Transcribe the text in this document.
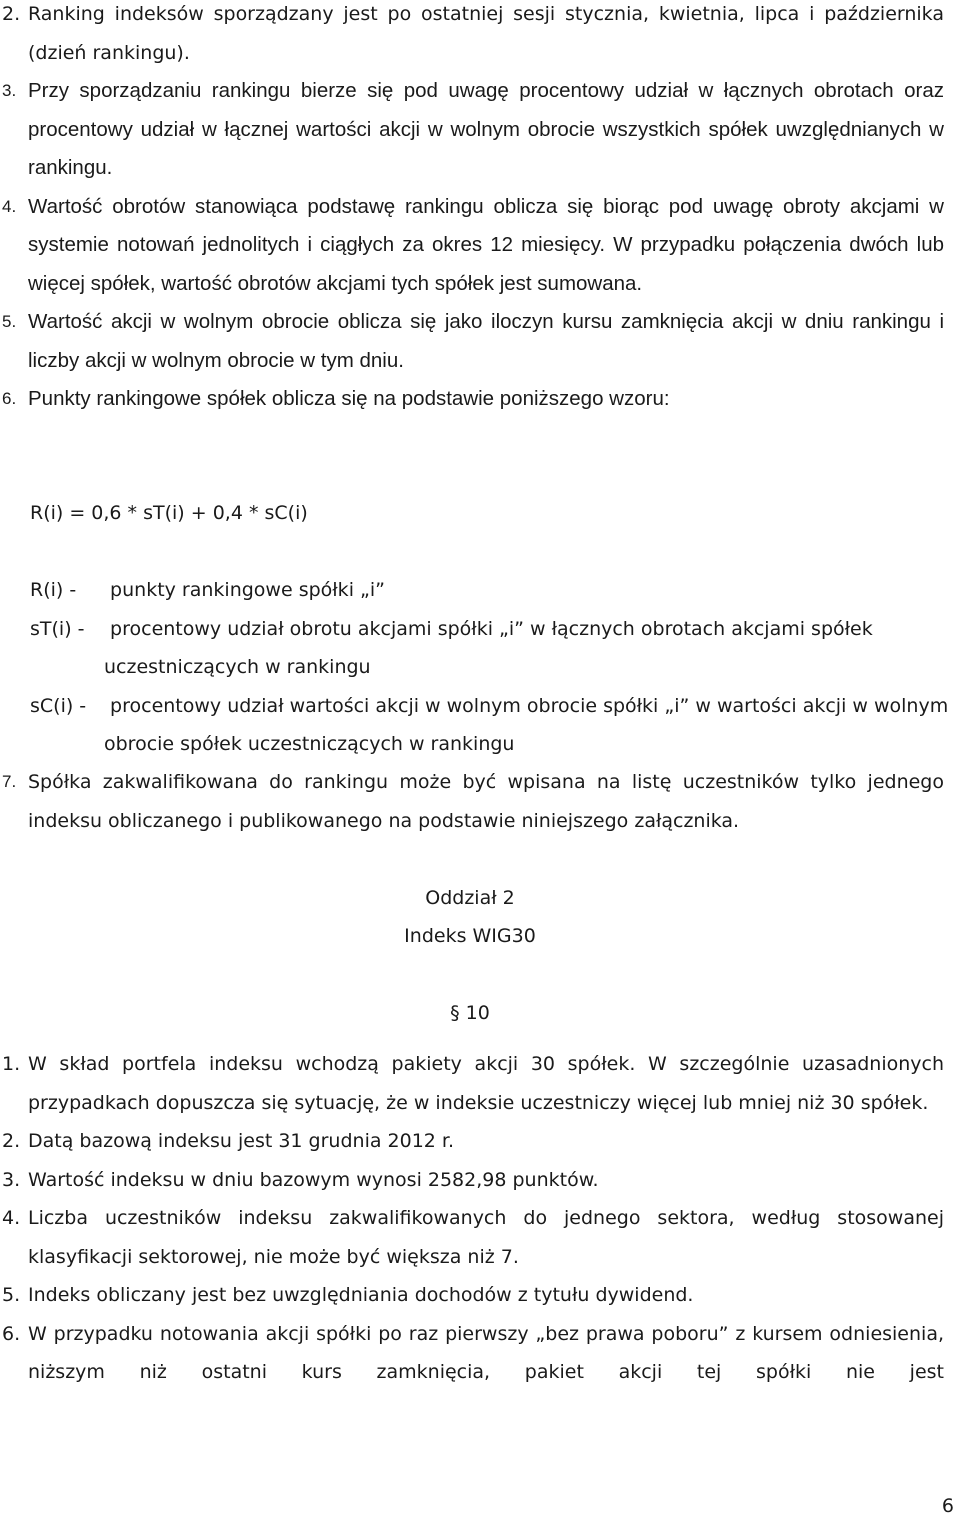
2. Ranking indeksów sporządzany jest po ostatniej sesji stycznia, kwietnia, lipca i października (dzień rankingu).
3. Przy sporządzaniu rankingu bierze się pod uwagę procentowy udział w łącznych obrotach oraz procentowy udział w łącznej wartości akcji w wolnym obrocie wszystkich spółek uwzględnianych w rankingu.
4. Wartość obrotów stanowiąca podstawę rankingu oblicza się biorąc pod uwagę obroty akcjami w systemie notowań jednolitych i ciągłych za okres 12 miesięcy. W przypadku połączenia dwóch lub więcej spółek, wartość obrotów akcjami tych spółek jest sumowana.
5. Wartość akcji w wolnym obrocie oblicza się jako iloczyn kursu zamknięcia akcji w dniu rankingu i liczby akcji w wolnym obrocie w tym dniu.
6. Punkty rankingowe spółek oblicza się na podstawie poniższego wzoru:
R(i) = 0,6 * sT(i) + 0,4 * sC(i)
R(i) -  punkty rankingowe spółki „i”
sT(i) -  procentowy udział obrotu akcjami spółki „i” w łącznych obrotach akcjami spółek uczestniczących w rankingu
sC(i) -  procentowy udział wartości akcji w wolnym obrocie spółki „i” w wartości akcji w wolnym obrocie spółek uczestniczących w rankingu
7. Spółka zakwalifikowana do rankingu może być wpisana na listę uczestników tylko jednego indeksu obliczanego i publikowanego na podstawie niniejszego załącznika.
Oddział 2
Indeks WIG30
§ 10
1. W skład portfela indeksu wchodzą pakiety akcji 30 spółek. W szczególnie uzasadnionych przypadkach dopuszcza się sytuację, że w indeksie uczestniczy więcej lub mniej niż 30 spółek.
2. Datą bazową indeksu jest 31 grudnia 2012 r.
3. Wartość indeksu w dniu bazowym wynosi 2582,98 punktów.
4. Liczba uczestników indeksu zakwalifikowanych do jednego sektora, według stosowanej klasyfikacji sektorowej, nie może być większa niż 7.
5. Indeks obliczany jest bez uwzględniania dochodów z tytułu dywidend.
6. W przypadku notowania akcji spółki po raz pierwszy „bez prawa poboru” z kursem odniesienia, niższym niż ostatni kurs zamknięcia, pakiet akcji tej spółki nie jest
6
